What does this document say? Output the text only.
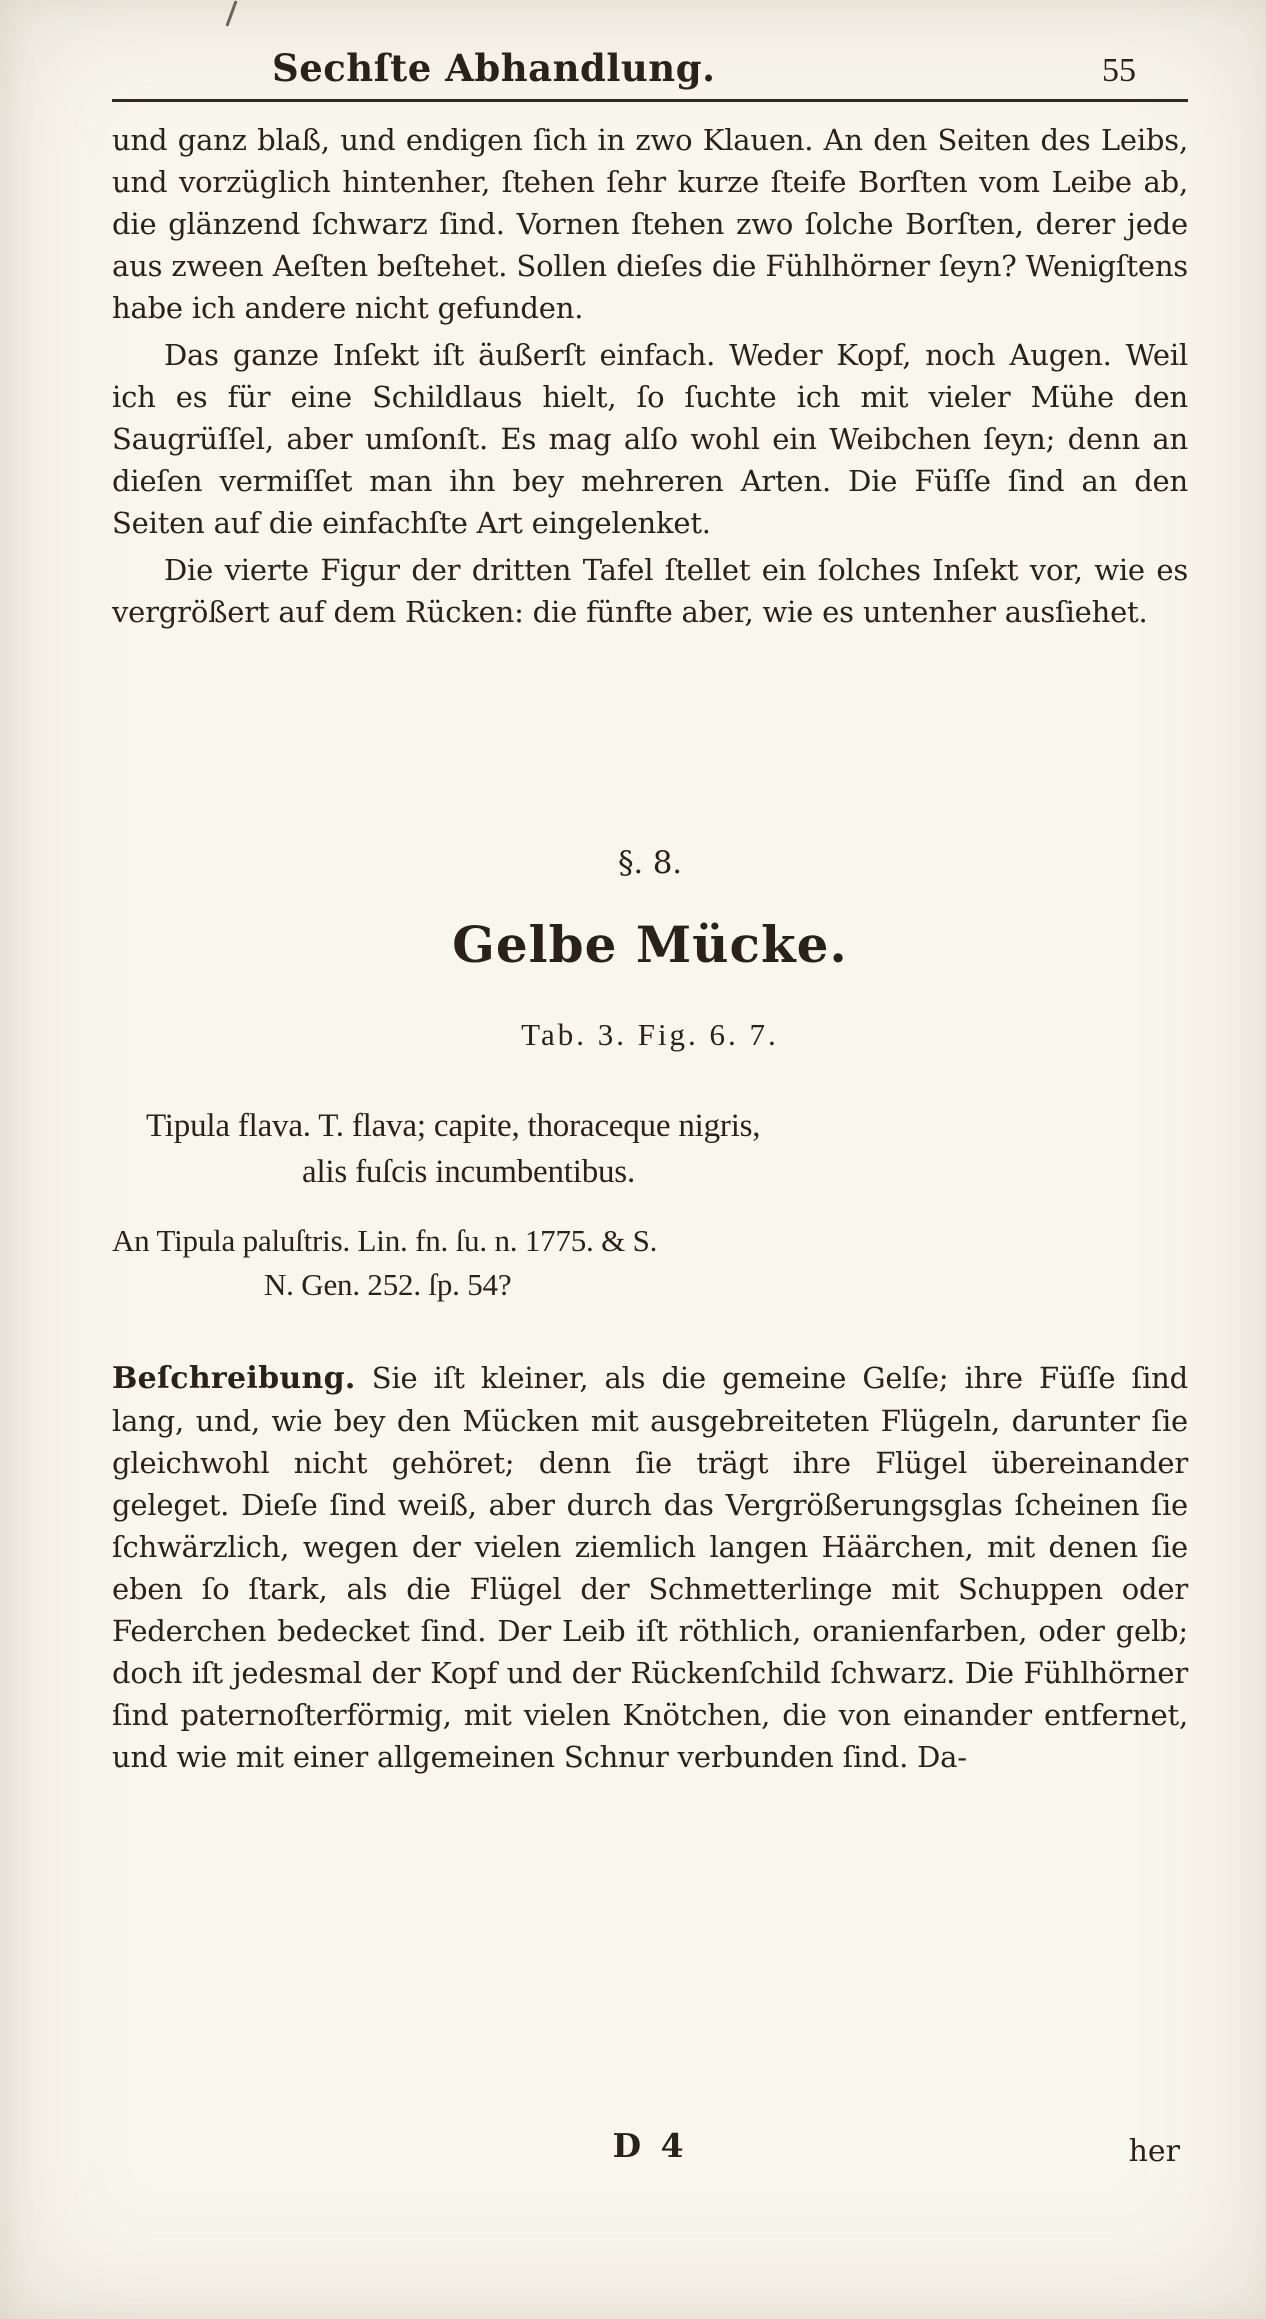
Sechſte Abhandlung.	55

und ganz blaß, und endigen ſich in zwo Klauen. An den Seiten des Leibs, und vorzüglich hintenher, ſtehen ſehr kurze ſteife Borſten vom Leibe ab, die glänzend ſchwarz ſind. Vornen ſtehen zwo ſolche Borſten, derer jede aus zween Aeſten beſtehet. Sollen dieſes die Fühlhörner ſeyn? Wenigſtens habe ich andere nicht gefunden.

Das ganze Inſekt iſt äußerſt einfach. Weder Kopf, noch Augen. Weil ich es für eine Schildlaus hielt, ſo ſuchte ich mit vieler Mühe den Saugrüſſel, aber umſonſt. Es mag alſo wohl ein Weibchen ſeyn; denn an dieſen vermiſſet man ihn bey mehreren Arten. Die Füſſe ſind an den Seiten auf die einfachſte Art eingelenket.

Die vierte Figur der dritten Tafel ſtellet ein ſolches Inſekt vor, wie es vergrößert auf dem Rücken: die fünfte aber, wie es untenher ausſiehet.

§. 8.
Gelbe Mücke.
Tab. 3. Fig. 6. 7.
Tipula flava. T. flava; capite, thoraceque nigris,
alis fuſcis incumbentibus.
An Tipula paluſtris. Lin. fn. ſu. n. 1775. & S.
N. Gen. 252. ſp. 54?

Beſchreibung. Sie iſt kleiner, als die gemeine Gelſe; ihre Füſſe ſind lang, und, wie bey den Mücken mit ausgebreiteten Flügeln, darunter ſie gleichwohl nicht gehöret; denn ſie trägt ihre Flügel übereinander geleget. Dieſe ſind weiß, aber durch das Vergrößerungsglas ſcheinen ſie ſchwärzlich, wegen der vielen ziemlich langen Häärchen, mit denen ſie eben ſo ſtark, als die Flügel der Schmetterlinge mit Schuppen oder Federchen bedecket ſind. Der Leib iſt röthlich, oranienfarben, oder gelb; doch iſt jedesmal der Kopf und der Rückenſchild ſchwarz. Die Fühlhörner ſind paternoſterförmig, mit vielen Knötchen, die von einander entfernet, und wie mit einer allgemeinen Schnur verbunden ſind. Da-

D 4	her
